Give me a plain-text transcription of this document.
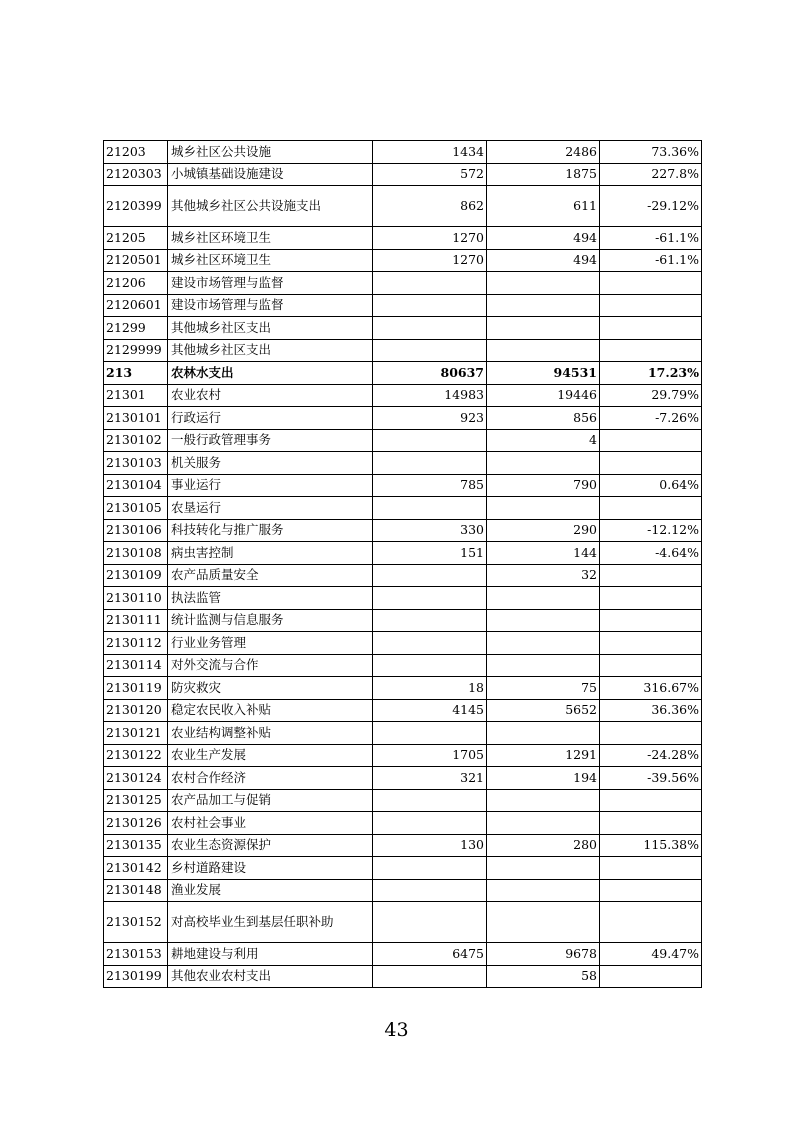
21203	城乡社区公共设施	1434	2486	73.36%
2120303	小城镇基础设施建设	572	1875	227.8%
2120399	其他城乡社区公共设施支出	862	611	-29.12%
21205	城乡社区环境卫生	1270	494	-61.1%
2120501	城乡社区环境卫生	1270	494	-61.1%
21206	建设市场管理与监督			
2120601	建设市场管理与监督			
21299	其他城乡社区支出			
2129999	其他城乡社区支出			
213	农林水支出	80637	94531	17.23%
21301	农业农村	14983	19446	29.79%
2130101	行政运行	923	856	-7.26%
2130102	一般行政管理事务		4	
2130103	机关服务			
2130104	事业运行	785	790	0.64%
2130105	农垦运行			
2130106	科技转化与推广服务	330	290	-12.12%
2130108	病虫害控制	151	144	-4.64%
2130109	农产品质量安全		32	
2130110	执法监管			
2130111	统计监测与信息服务			
2130112	行业业务管理			
2130114	对外交流与合作			
2130119	防灾救灾	18	75	316.67%
2130120	稳定农民收入补贴	4145	5652	36.36%
2130121	农业结构调整补贴			
2130122	农业生产发展	1705	1291	-24.28%
2130124	农村合作经济	321	194	-39.56%
2130125	农产品加工与促销			
2130126	农村社会事业			
2130135	农业生态资源保护	130	280	115.38%
2130142	乡村道路建设			
2130148	渔业发展			
2130152	对高校毕业生到基层任职补助			
2130153	耕地建设与利用	6475	9678	49.47%
2130199	其他农业农村支出		58	
43
